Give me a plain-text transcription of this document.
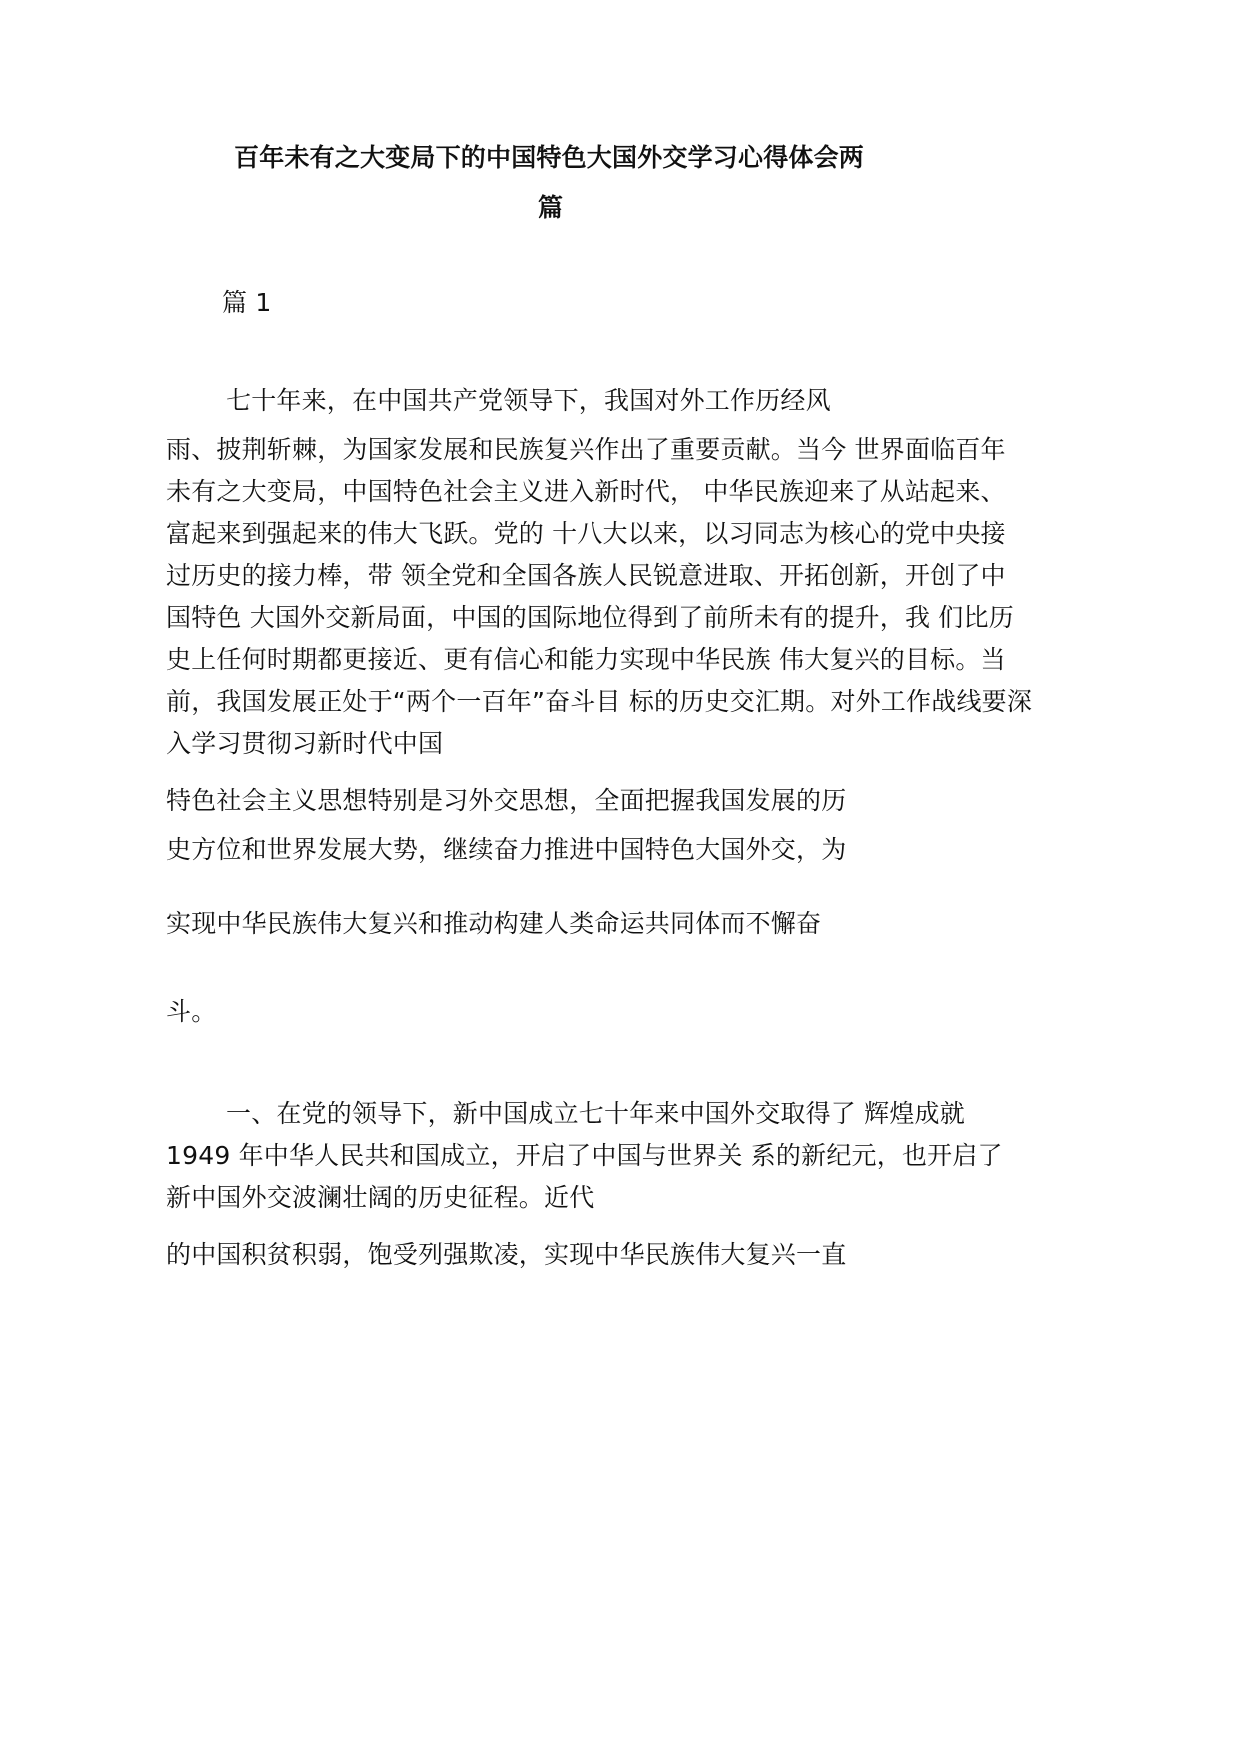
百年未有之大变局下的中国特色大国外交学习心得体会两
篇
篇 1
七十年来，在中国共产党领导下，我国对外工作历经风
雨、披荆斩棘，为国家发展和民族复兴作出了重要贡献。当今 世界面临百年
未有之大变局，中国特色社会主义进入新时代， 中华民族迎来了从站起来、
富起来到强起来的伟大飞跃。党的 十八大以来，以习同志为核心的党中央接
过历史的接力棒，带 领全党和全国各族人民锐意进取、开拓创新，开创了中
国特色 大国外交新局面，中国的国际地位得到了前所未有的提升，我 们比历
史上任何时期都更接近、更有信心和能力实现中华民族 伟大复兴的目标。当
前，我国发展正处于“两个一百年”奋斗目 标的历史交汇期。对外工作战线要深
入学习贯彻习新时代中国
特色社会主义思想特别是习外交思想，全面把握我国发展的历
史方位和世界发展大势，继续奋力推进中国特色大国外交，为
实现中华民族伟大复兴和推动构建人类命运共同体而不懈奋
斗。
一、在党的领导下，新中国成立七十年来中国外交取得了 辉煌成就
1949 年中华人民共和国成立，开启了中国与世界关 系的新纪元，也开启了
新中国外交波澜壮阔的历史征程。近代
的中国积贫积弱，饱受列强欺凌，实现中华民族伟大复兴一直
